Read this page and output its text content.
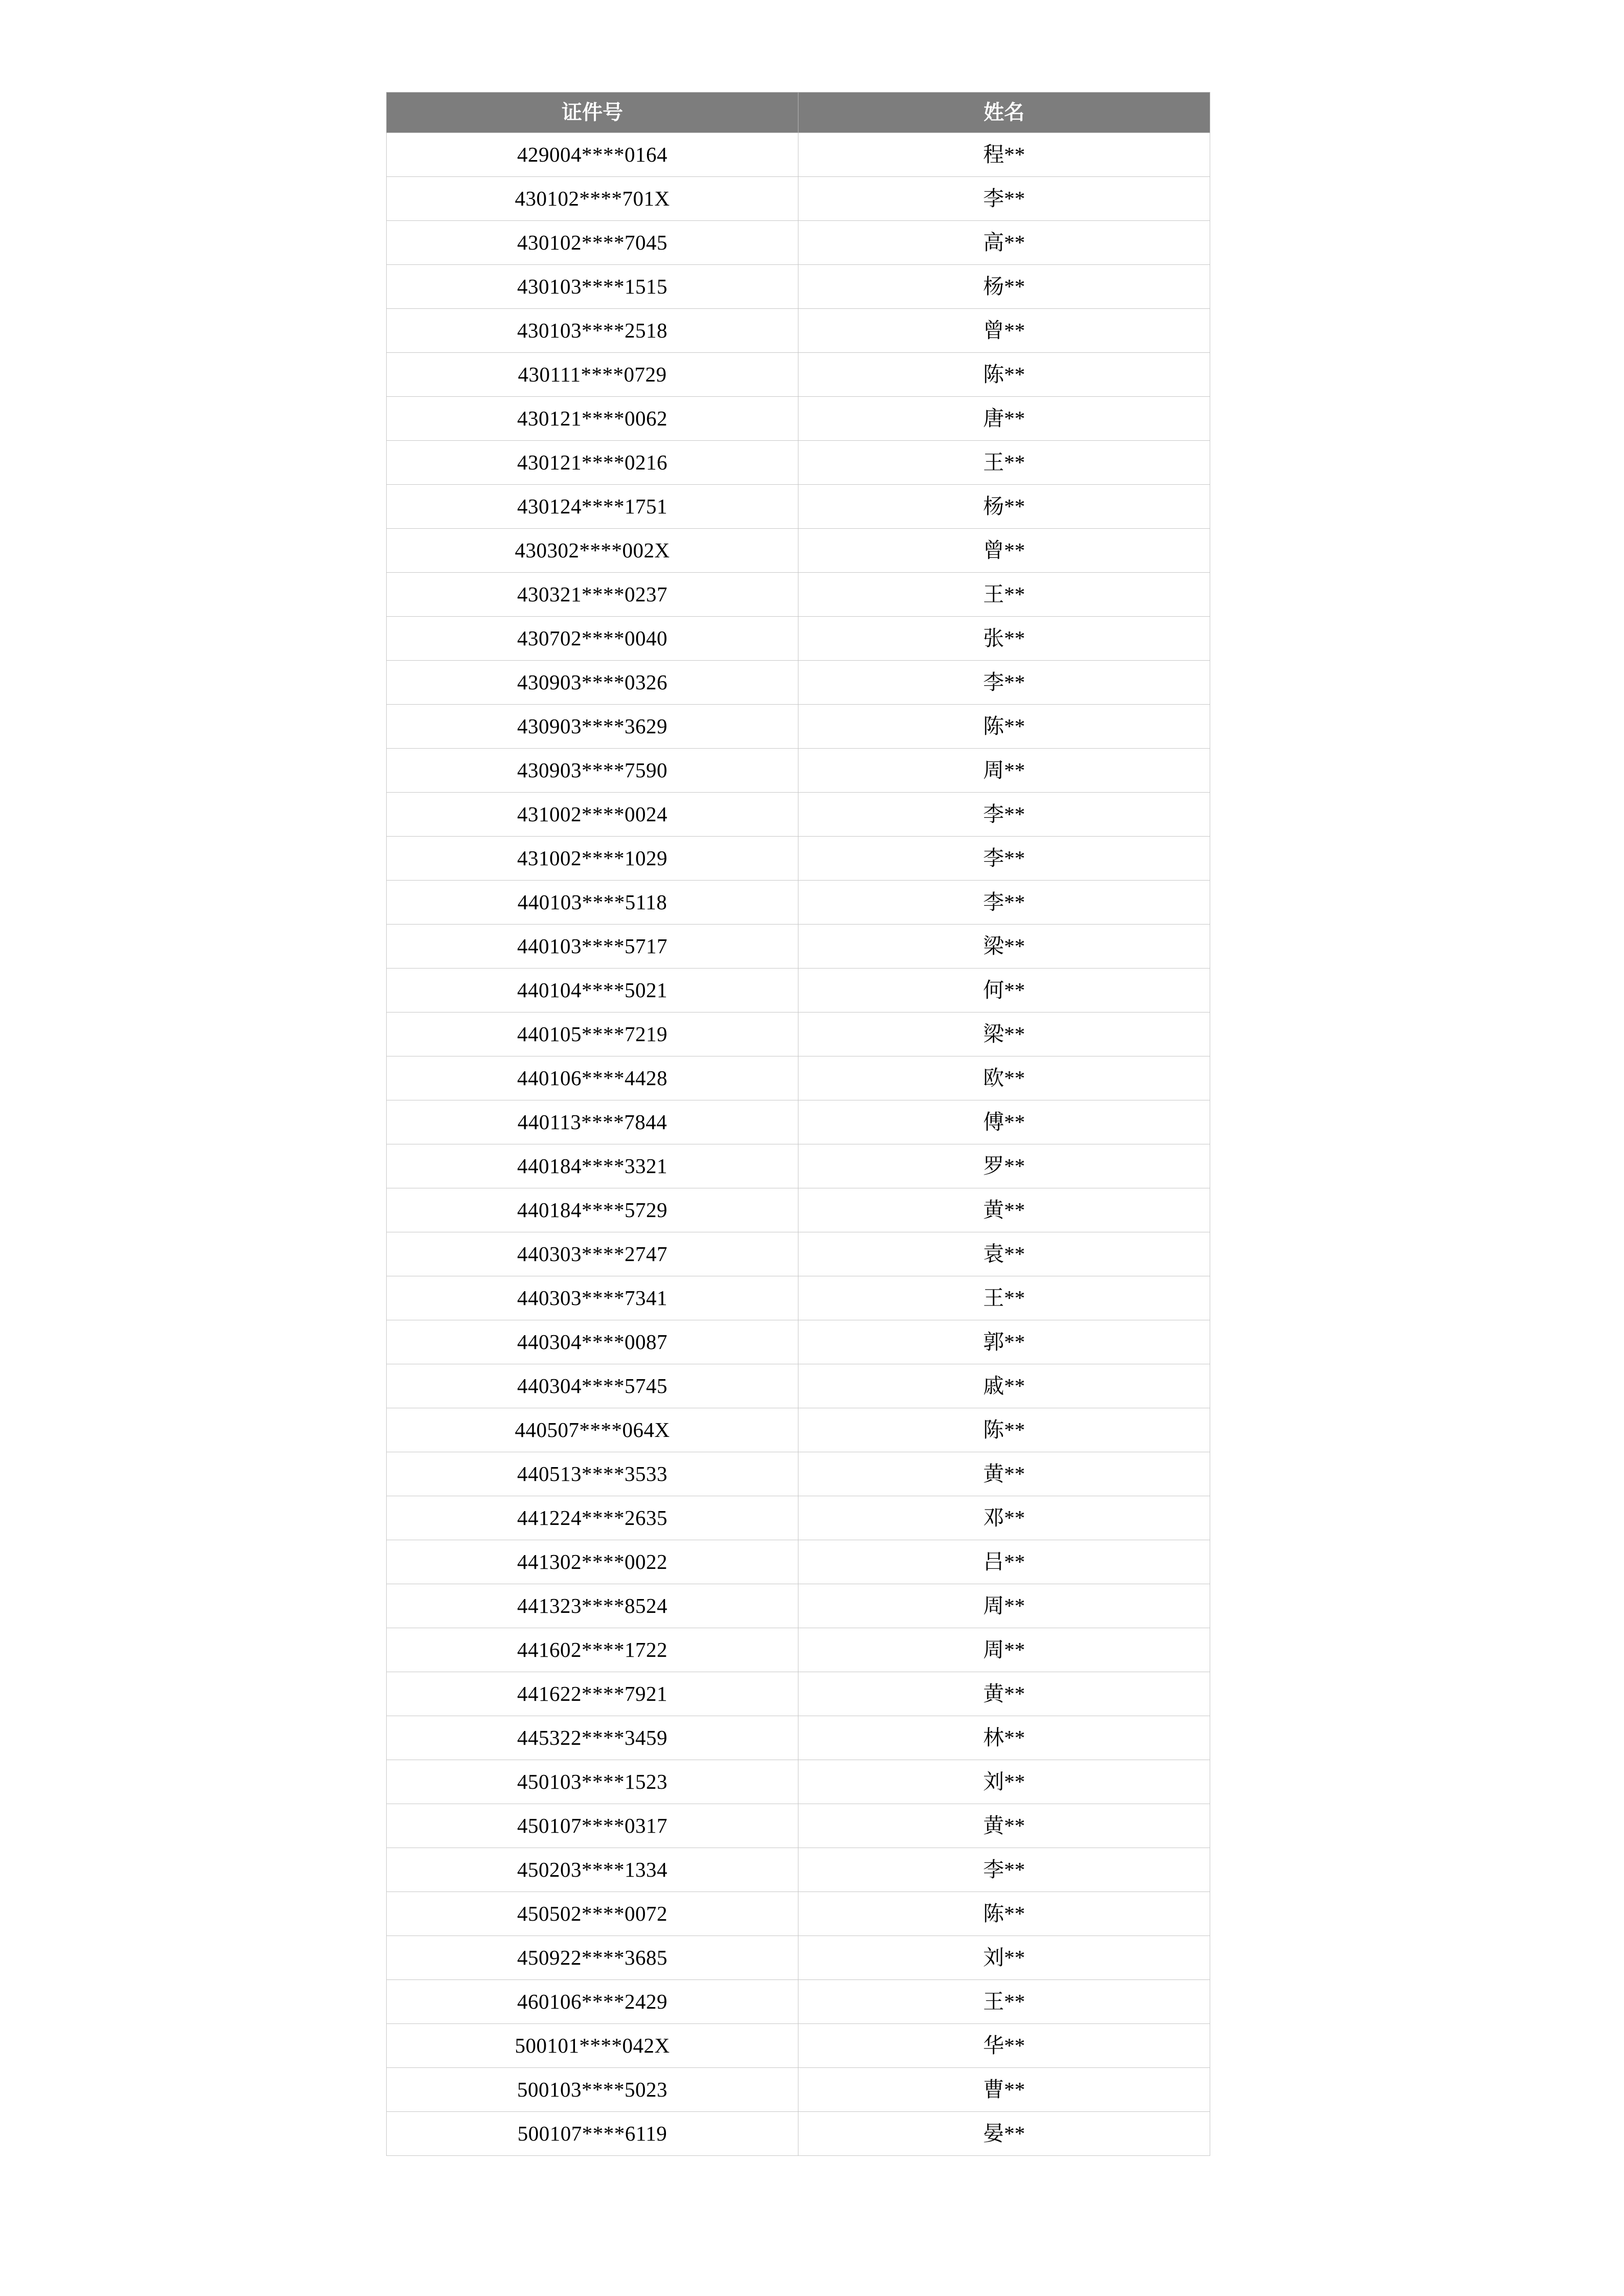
证件号	姓名
429004****0164	程**
430102****701X	李**
430102****7045	高**
430103****1515	杨**
430103****2518	曾**
430111****0729	陈**
430121****0062	唐**
430121****0216	王**
430124****1751	杨**
430302****002X	曾**
430321****0237	王**
430702****0040	张**
430903****0326	李**
430903****3629	陈**
430903****7590	周**
431002****0024	李**
431002****1029	李**
440103****5118	李**
440103****5717	梁**
440104****5021	何**
440105****7219	梁**
440106****4428	欧**
440113****7844	傅**
440184****3321	罗**
440184****5729	黄**
440303****2747	袁**
440303****7341	王**
440304****0087	郭**
440304****5745	戚**
440507****064X	陈**
440513****3533	黄**
441224****2635	邓**
441302****0022	吕**
441323****8524	周**
441602****1722	周**
441622****7921	黄**
445322****3459	林**
450103****1523	刘**
450107****0317	黄**
450203****1334	李**
450502****0072	陈**
450922****3685	刘**
460106****2429	王**
500101****042X	华**
500103****5023	曹**
500107****6119	晏**
